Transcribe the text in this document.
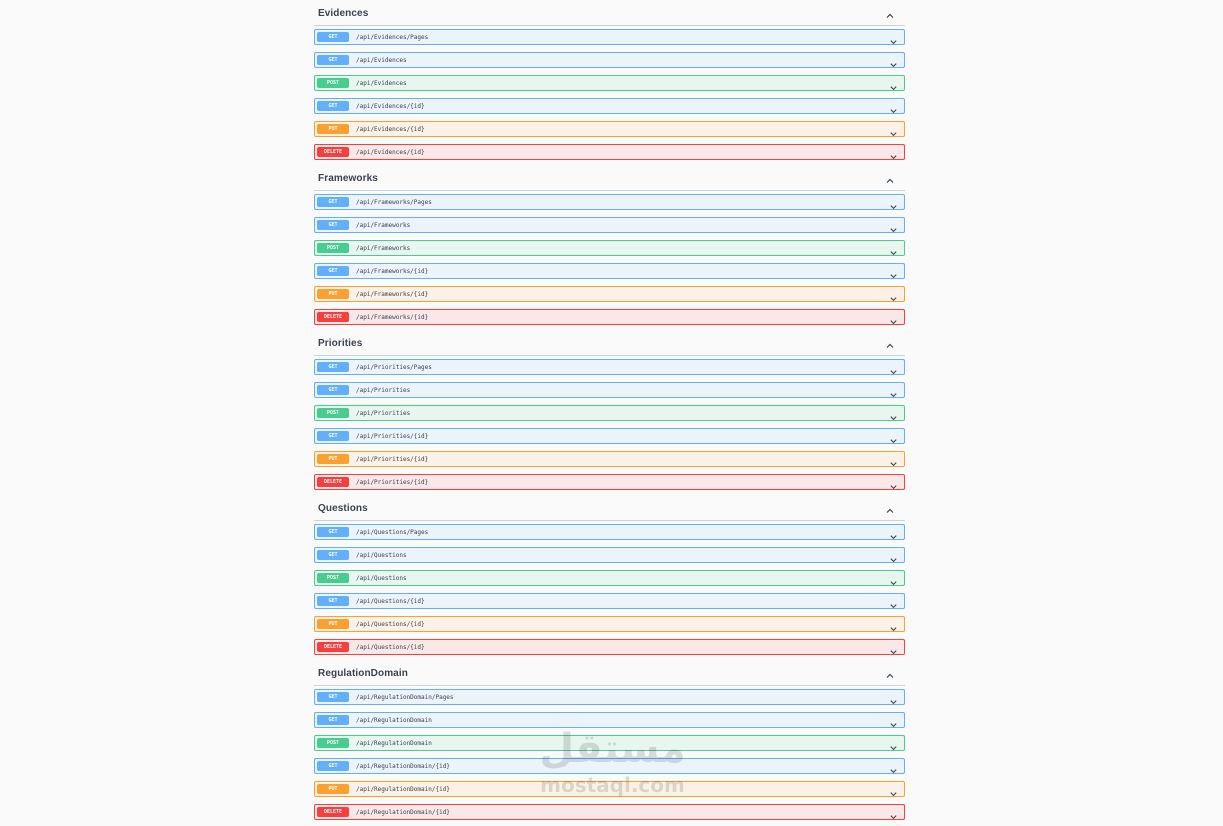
Evidences
GET	/api/Evidences/Pages
GET	/api/Evidences
POST	/api/Evidences
GET	/api/Evidences/{id}
PUT	/api/Evidences/{id}
DELETE	/api/Evidences/{id}
Frameworks
GET	/api/Frameworks/Pages
GET	/api/Frameworks
POST	/api/Frameworks
GET	/api/Frameworks/{id}
PUT	/api/Frameworks/{id}
DELETE	/api/Frameworks/{id}
Priorities
GET	/api/Priorities/Pages
GET	/api/Priorities
POST	/api/Priorities
GET	/api/Priorities/{id}
PUT	/api/Priorities/{id}
DELETE	/api/Priorities/{id}
Questions
GET	/api/Questions/Pages
GET	/api/Questions
POST	/api/Questions
GET	/api/Questions/{id}
PUT	/api/Questions/{id}
DELETE	/api/Questions/{id}
RegulationDomain
GET	/api/RegulationDomain/Pages
GET	/api/RegulationDomain
POST	/api/RegulationDomain
GET	/api/RegulationDomain/{id}
PUT	/api/RegulationDomain/{id}
DELETE	/api/RegulationDomain/{id}
